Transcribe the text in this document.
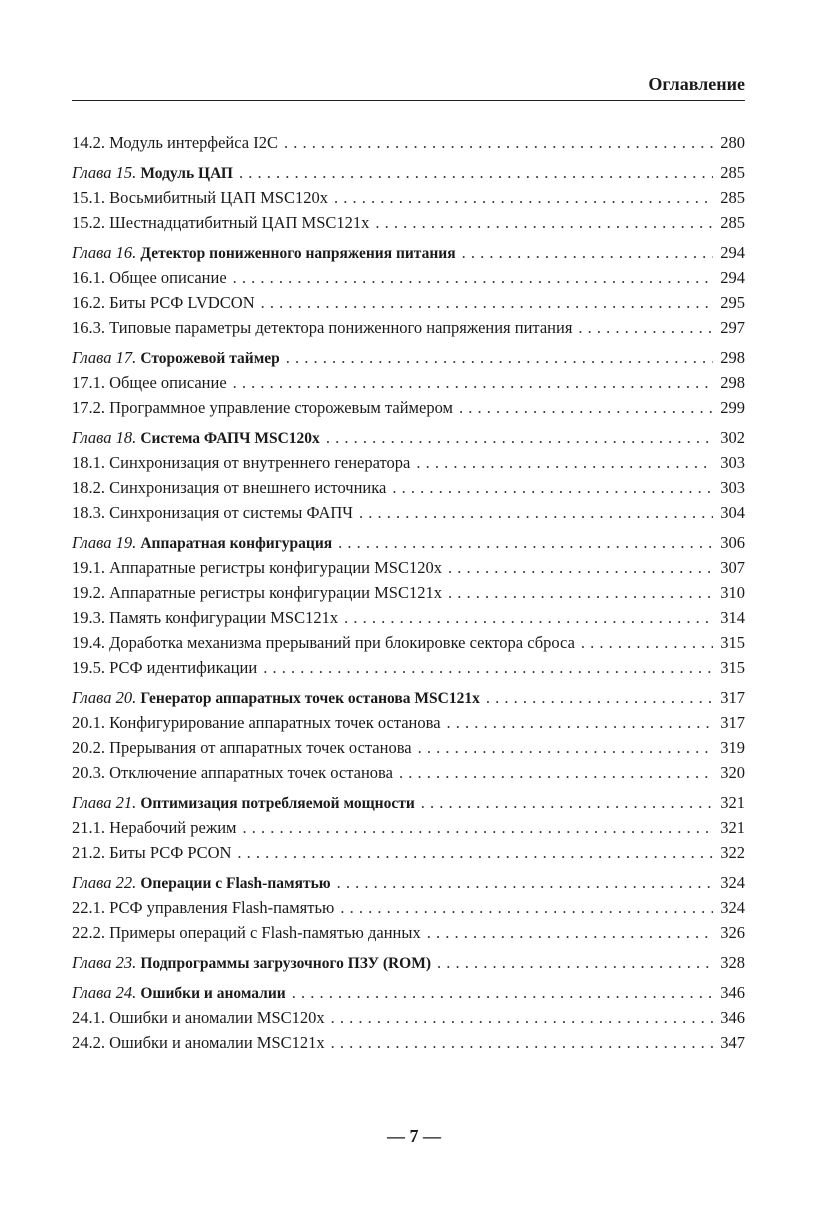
Оглавление
14.2. Модуль интерфейса I2C . . .	280
Глава 15. Модуль ЦАП . . .	285
15.1. Восьмибитный ЦАП MSC120x . . .	285
15.2. Шестнадцатибитный ЦАП MSC121x . . .	285
Глава 16. Детектор пониженного напряжения питания . . .	294
16.1. Общее описание . . .	294
16.2. Биты РСФ LVDCON . . .	295
16.3. Типовые параметры детектора пониженного напряжения питания . . .	297
Глава 17. Сторожевой таймер . . .	298
17.1. Общее описание . . .	298
17.2. Программное управление сторожевым таймером . . .	299
Глава 18. Система ФАПЧ MSC120x . . .	302
18.1. Синхронизация от внутреннего генератора . . .	303
18.2. Синхронизация от внешнего источника . . .	303
18.3. Синхронизация от системы ФАПЧ . . .	304
Глава 19. Аппаратная конфигурация . . .	306
19.1. Аппаратные регистры конфигурации MSC120x . . .	307
19.2. Аппаратные регистры конфигурации MSC121x . . .	310
19.3. Память конфигурации MSC121x . . .	314
19.4. Доработка механизма прерываний при блокировке сектора сброса . . .	315
19.5. РСФ идентификации . . .	315
Глава 20. Генератор аппаратных точек останова MSC121x . . .	317
20.1. Конфигурирование аппаратных точек останова . . .	317
20.2. Прерывания от аппаратных точек останова . . .	319
20.3. Отключение аппаратных точек останова . . .	320
Глава 21. Оптимизация потребляемой мощности . . .	321
21.1. Нерабочий режим . . .	321
21.2. Биты РСФ PCON . . .	322
Глава 22. Операции с Flash-памятью . . .	324
22.1. РСФ управления Flash-памятью . . .	324
22.2. Примеры операций с Flash-памятью данных . . .	326
Глава 23. Подпрограммы загрузочного ПЗУ (ROM) . . .	328
Глава 24. Ошибки и аномалии . . .	346
24.1. Ошибки и аномалии MSC120x . . .	346
24.2. Ошибки и аномалии MSC121x . . .	347
— 7 —
